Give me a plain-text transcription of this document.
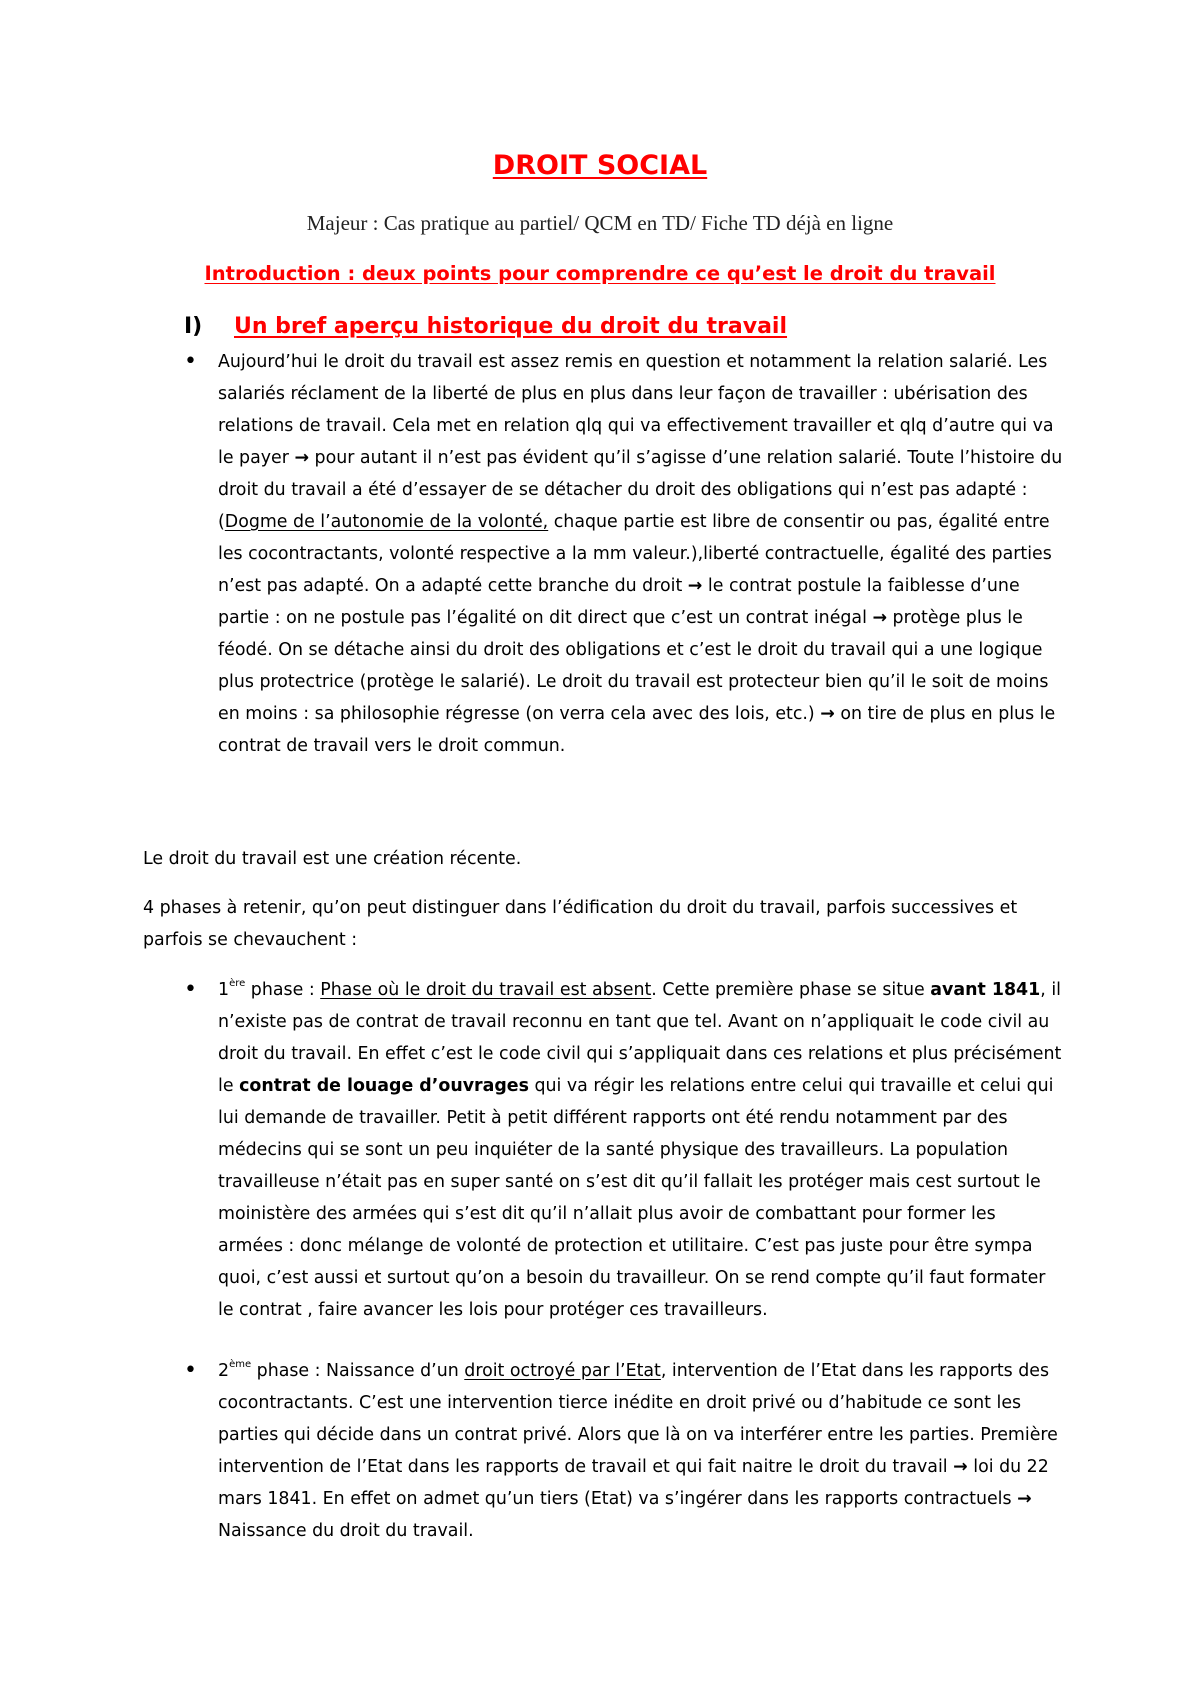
DROIT SOCIAL

Majeur : Cas pratique au partiel/ QCM en TD/ Fiche TD déjà en ligne

Introduction : deux points pour comprendre ce qu’est le droit du travail
I) Un bref aperçu historique du droit du travail
•	Aujourd’hui le droit du travail est assez remis en question et notamment la relation salarié. Les salariés réclament de la liberté de plus en plus dans leur façon de travailler : ubérisation des relations de travail. Cela met en relation qlq qui va effectivement travailler et qlq d’autre qui va le payer → pour autant il n’est pas évident qu’il s’agisse d’une relation salarié. Toute l’histoire du droit du travail a été d’essayer de se détacher du droit des obligations qui n’est pas adapté : (Dogme de l’autonomie de la volonté, chaque partie est libre de consentir ou pas, égalité entre les cocontractants, volonté respective a la mm valeur.),liberté contractuelle, égalité des parties n’est pas adapté. On a adapté cette branche du droit → le contrat postule la faiblesse d’une partie : on ne postule pas l’égalité on dit direct que c’est un contrat inégal → protège plus le féodé. On se détache ainsi du droit des obligations et c’est le droit du travail qui a une logique plus protectrice (protège le salarié). Le droit du travail est protecteur bien qu’il le soit de moins en moins : sa philosophie régresse (on verra cela avec des lois, etc.) → on tire de plus en plus le contrat de travail vers le droit commun.

Le droit du travail est une création récente.

4 phases à retenir, qu’on peut distinguer dans l’édification du droit du travail, parfois successives et parfois se chevauchent :

•	1ère phase : Phase où le droit du travail est absent. Cette première phase se situe avant 1841, il n’existe pas de contrat de travail reconnu en tant que tel. Avant on n’appliquait le code civil au droit du travail. En effet c’est le code civil qui s’appliquait dans ces relations et plus précisément le contrat de louage d’ouvrages qui va régir les relations entre celui qui travaille et celui qui lui demande de travailler. Petit à petit différent rapports ont été rendu notamment par des médecins qui se sont un peu inquiéter de la santé physique des travailleurs. La population travailleuse n’était pas en super santé on s’est dit qu’il fallait les protéger mais cest surtout le moinistère des armées qui s’est dit qu’il n’allait plus avoir de combattant pour former les armées : donc mélange de volonté de protection et utilitaire. C’est pas juste pour être sympa quoi, c’est aussi et surtout qu’on a besoin du travailleur. On se rend compte qu’il faut formater le contrat , faire avancer les lois pour protéger ces travailleurs.
•	2ème phase : Naissance d’un droit octroyé par l’Etat, intervention de l’Etat dans les rapports des cocontractants. C’est une intervention tierce inédite en droit privé ou d’habitude ce sont les parties qui décide dans un contrat privé. Alors que là on va interférer entre les parties. Première intervention de l’Etat dans les rapports de travail et qui fait naitre le droit du travail → loi du 22 mars 1841. En effet on admet qu’un tiers (Etat) va s’ingérer dans les rapports contractuels → Naissance du droit du travail.
